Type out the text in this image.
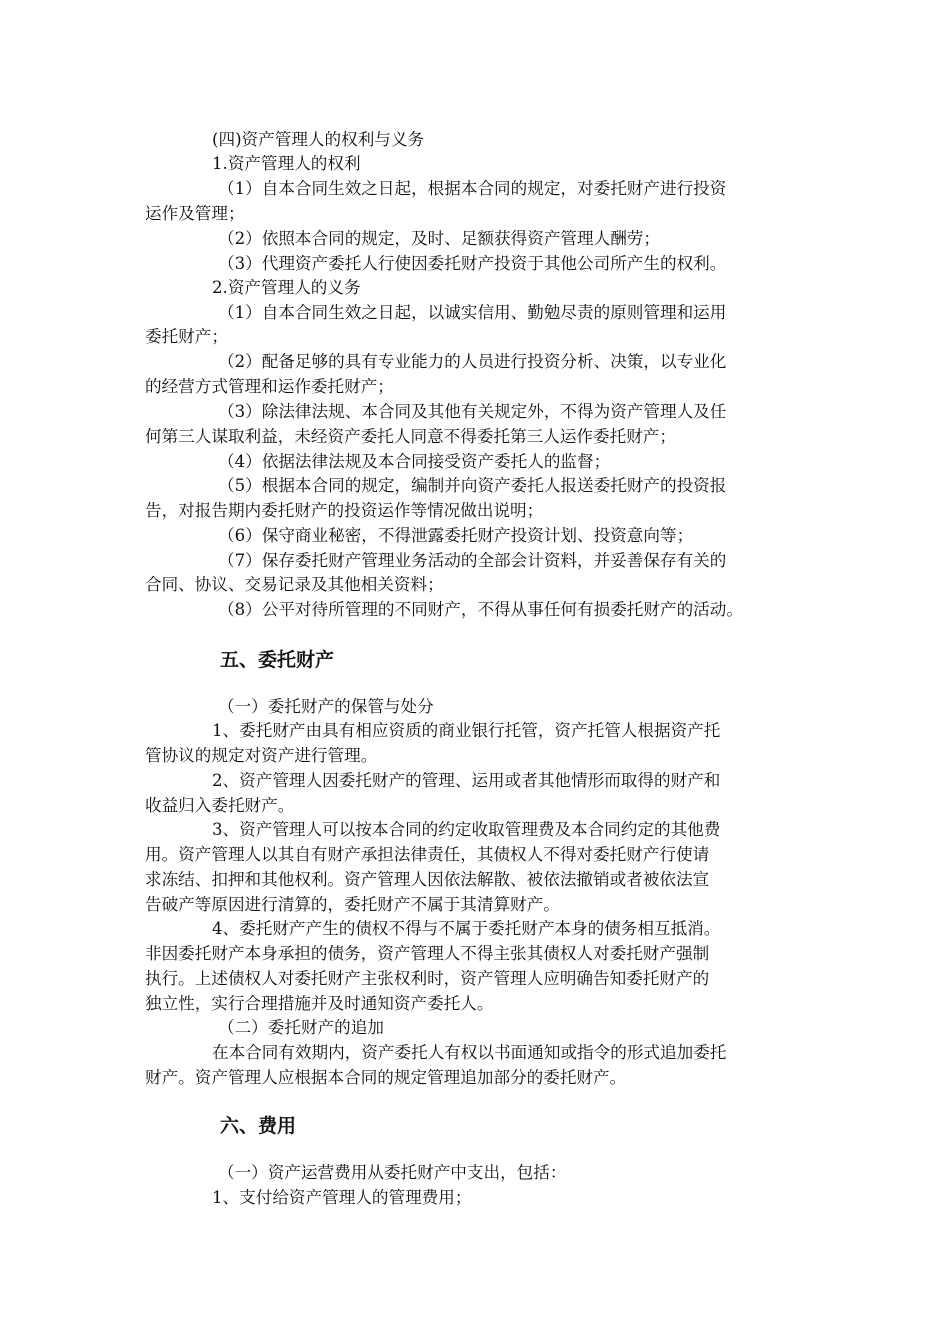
(四)资产管理人的权利与义务
1.资产管理人的权利
（1）自本合同生效之日起，根据本合同的规定，对委托财产进行投资
运作及管理；
（2）依照本合同的规定，及时、足额获得资产管理人酬劳；
（3）代理资产委托人行使因委托财产投资于其他公司所产生的权利。
2.资产管理人的义务
（1）自本合同生效之日起，以诚实信用、勤勉尽责的原则管理和运用
委托财产；
（2）配备足够的具有专业能力的人员进行投资分析、决策，以专业化
的经营方式管理和运作委托财产；
（3）除法律法规、本合同及其他有关规定外，不得为资产管理人及任
何第三人谋取利益，未经资产委托人同意不得委托第三人运作委托财产；
（4）依据法律法规及本合同接受资产委托人的监督；
（5）根据本合同的规定，编制并向资产委托人报送委托财产的投资报
告，对报告期内委托财产的投资运作等情况做出说明；
（6）保守商业秘密，不得泄露委托财产投资计划、投资意向等；
（7）保存委托财产管理业务活动的全部会计资料，并妥善保存有关的
合同、协议、交易记录及其他相关资料；
（8）公平对待所管理的不同财产，不得从事任何有损委托财产的活动。
五、委托财产
（一）委托财产的保管与处分
1、委托财产由具有相应资质的商业银行托管，资产托管人根据资产托
管协议的规定对资产进行管理。
2、资产管理人因委托财产的管理、运用或者其他情形而取得的财产和
收益归入委托财产。
3、资产管理人可以按本合同的约定收取管理费及本合同约定的其他费
用。资产管理人以其自有财产承担法律责任，其债权人不得对委托财产行使请
求冻结、扣押和其他权利。资产管理人因依法解散、被依法撤销或者被依法宣
告破产等原因进行清算的，委托财产不属于其清算财产。
4、委托财产产生的债权不得与不属于委托财产本身的债务相互抵消。
非因委托财产本身承担的债务，资产管理人不得主张其债权人对委托财产强制
执行。上述债权人对委托财产主张权利时，资产管理人应明确告知委托财产的
独立性，实行合理措施并及时通知资产委托人。
（二）委托财产的追加
在本合同有效期内，资产委托人有权以书面通知或指令的形式追加委托
财产。资产管理人应根据本合同的规定管理追加部分的委托财产。
六、费用
（一）资产运营费用从委托财产中支出，包括：
1、支付给资产管理人的管理费用；
